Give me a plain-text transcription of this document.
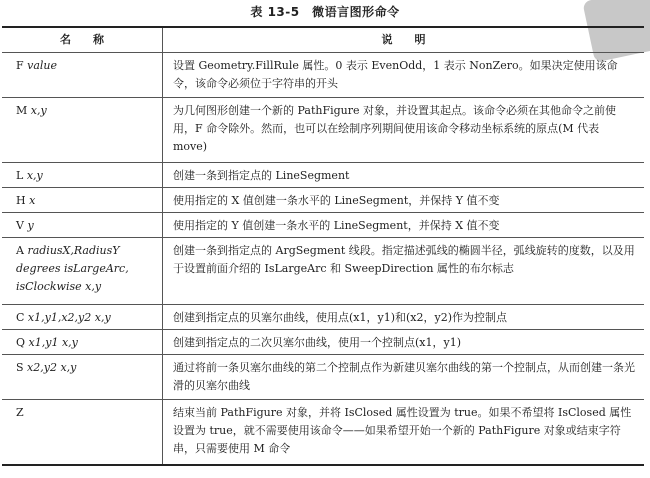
表 13-5　微语言图形命令
名　　称	说　　明
F value	设置 Geometry.FillRule 属性。0 表示 EvenOdd，1 表示 NonZero。如果决定使用该命令，该命令必须位于字符串的开头
M x,y	为几何图形创建一个新的 PathFigure 对象，并设置其起点。该命令必须在其他命令之前使用，F 命令除外。然而，也可以在绘制序列期间使用该命令移动坐标系统的原点(M 代表 move)
L x,y	创建一条到指定点的 LineSegment
H x	使用指定的 X 值创建一条水平的 LineSegment，并保持 Y 值不变
V y	使用指定的 Y 值创建一条水平的 LineSegment，并保持 X 值不变
A radiusX,RadiusY degrees isLargeArc, isClockwise x,y	创建一条到指定点的 ArgSegment 线段。指定描述弧线的椭圆半径，弧线旋转的度数，以及用于设置前面介绍的 IsLargeArc 和 SweepDirection 属性的布尔标志
C x1,y1,x2,y2 x,y	创建到指定点的贝塞尔曲线，使用点(x1，y1)和(x2，y2)作为控制点
Q x1,y1 x,y	创建到指定点的二次贝塞尔曲线，使用一个控制点(x1，y1)
S x2,y2 x,y	通过将前一条贝塞尔曲线的第二个控制点作为新建贝塞尔曲线的第一个控制点，从而创建一条光滑的贝塞尔曲线
Z	结束当前 PathFigure 对象，并将 IsClosed 属性设置为 true。如果不希望将 IsClosed 属性设置为 true，就不需要使用该命令——如果希望开始一个新的 PathFigure 对象或结束字符串，只需要使用 M 命令
